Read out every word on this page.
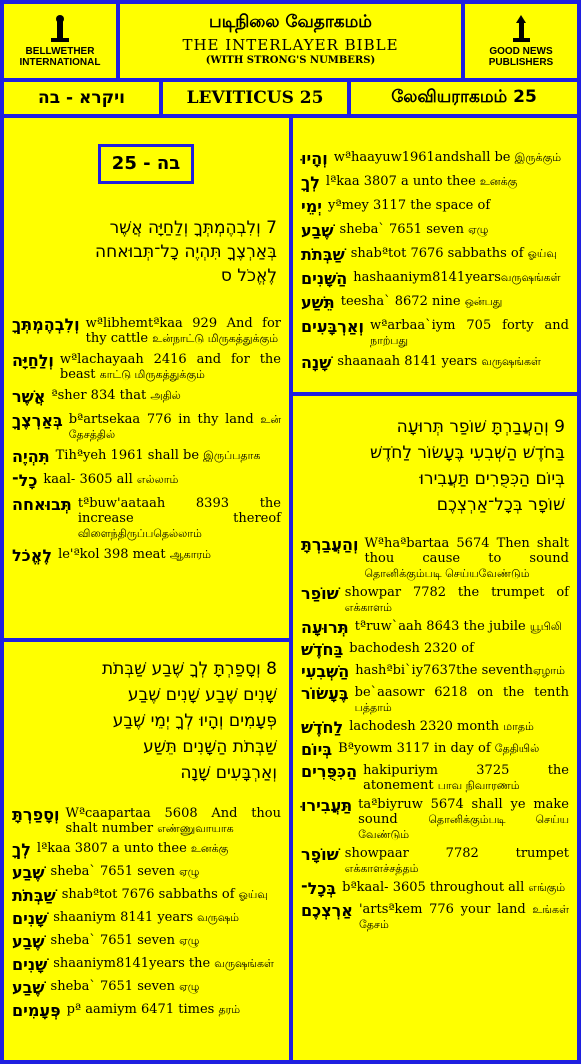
BELLWETHER
INTERNATIONAL
படிநிலை வேதாகமம்
THE INTERLAYER BIBLE
(WITH STRONG'S NUMBERS)
GOOD NEWS
PUBLISHERS
ויקרא - בה	LEVITICUS 25	லேவியராகமம் 25
25 - בה
7 וְלִבְהֶמְתְּךָ וְלַחַיָּה אֲשֶׁר
בְּאַרְצֶךָ תִּהְיֶה כָל־תְּבוּאחה
לֶאֱכֹל ס
וְלִבְהֶמְתְּךָ wªlibhemtªkaa 929 And for thy cattle உன்நாட்டு மிருகத்துக்கும்
וְלַחַיָּה wªlachayaah 2416 and for the beast காட்டு மிருகத்துக்கும்
אֲשֶׁר ªsher 834 that அதில்
בְּאַרְצֶךָ bªartsekaa 776 in thy land உன் தேசத்தில்
תִּהְיֶה Tihªyeh 1961 shall be இருப்பதாக
כָל־ kaal- 3605 all எல்லாம்
תְּבוּאחה tªbuw'aataah 8393 the increase thereof விளைந்திருப்பதெல்லாம்
לֶאֱכֹל le'ªkol 398 meat ஆகாரம்
8 וְסָפַרְתָּ לְךָ שֶׁבַע שַׁבְּתֹת
שָׁנִים שֶׁבַע שָׁנִים שֶׁבַע
פְּעָמִים וְהָיוּ לְךָ יְמֵי שֶׁבַע
שַׁבְּתֹת הַשָּׁנִים תֵּשַׁע
וְאַרְבָּעִים שָׁנָה
וְסָפַרְתָּ Wªcaapartaa 5608 And thou shalt number எண்ணுவாயாக
לְךָ lªkaa 3807 a unto thee உனக்கு
שֶׁבַע sheba` 7651 seven ஏழு
שַׁבְּתֹת shabªtot 7676 sabbaths of ஓய்வு
שָׁנִים shaaniym 8141 years வருஷம்
שֶׁבַע sheba` 7651 seven ஏழு
שָׁנִים shaaniym8141years the வருஷங்கள்
שֶׁבַע sheba` 7651 seven ஏழு
פְּעָמִים pª aamiym 6471 times தரம்
וְהָיוּ wªhaayuw1961andshall be இருக்கும்
לְךָ lªkaa 3807 a unto thee உனக்கு
יְמֵי yªmey 3117 the space of
שֶׁבַע sheba` 7651 seven ஏழு
שַׁבְּתֹת shabªtot 7676 sabbaths of ஓய்வு
הַשָּׁנִים hashaaniym8141yearsவருஷங்கள்
תֵּשַׁע teesha` 8672 nine ஒன்பது
וְאַרְבָּעִים wªarbaa`iym 705 forty and நாற்பது
שָׁנָה shaanaah 8141 years வருஷங்கள்
9 וְהַעֲבַרְתָּ שׁוֹפַר תְּרוּעָה
בַּחֹדֶשׁ הַשְּׁבִעִי בֶּעָשׂוֹר לַחֹדֶשׁ
בְּיוֹם הַכִּפֻּרִים תַּעֲבִירוּ
שׁוֹפָר בְּכָל־אַרְצְכֶם
וְהַעֲבַרְתָּ Wªhaªbartaa 5674 Then shalt thou cause to sound தொனிக்கும்படி செய்யவேண்டும்
שׁוֹפַר showpar 7782 the trumpet of எக்காளம்
תְּרוּעָה tªruw`aah 8643 the jubile யூபிலி
בַּחֹדֶשׁ bachodesh 2320 of
הַשְּׁבִעִי hashªbi`iy7637the seventhஏழாம்
בֶּעָשׂוֹר be`aasowr 6218 on the tenth பத்தாம்
לַחֹדֶשׁ lachodesh 2320 month மாதம்
בְּיוֹם Bªyowm 3117 in day of தேதியில்
הַכִּפֻּרִים hakipuriym 3725 the atonement பாவ நிவாரணம்
תַּעֲבִירוּ taªbiyruw 5674 shall ye make sound தொனிக்கும்படி செய்ய வேண்டும்
שׁוֹפָר showpaar 7782 trumpet எக்காளச்சத்தம்
בְּכָל־ bªkaal- 3605 throughout all எங்கும்
אַרְצְכֶם 'artsªkem 776 your land உங்கள் தேசம்
